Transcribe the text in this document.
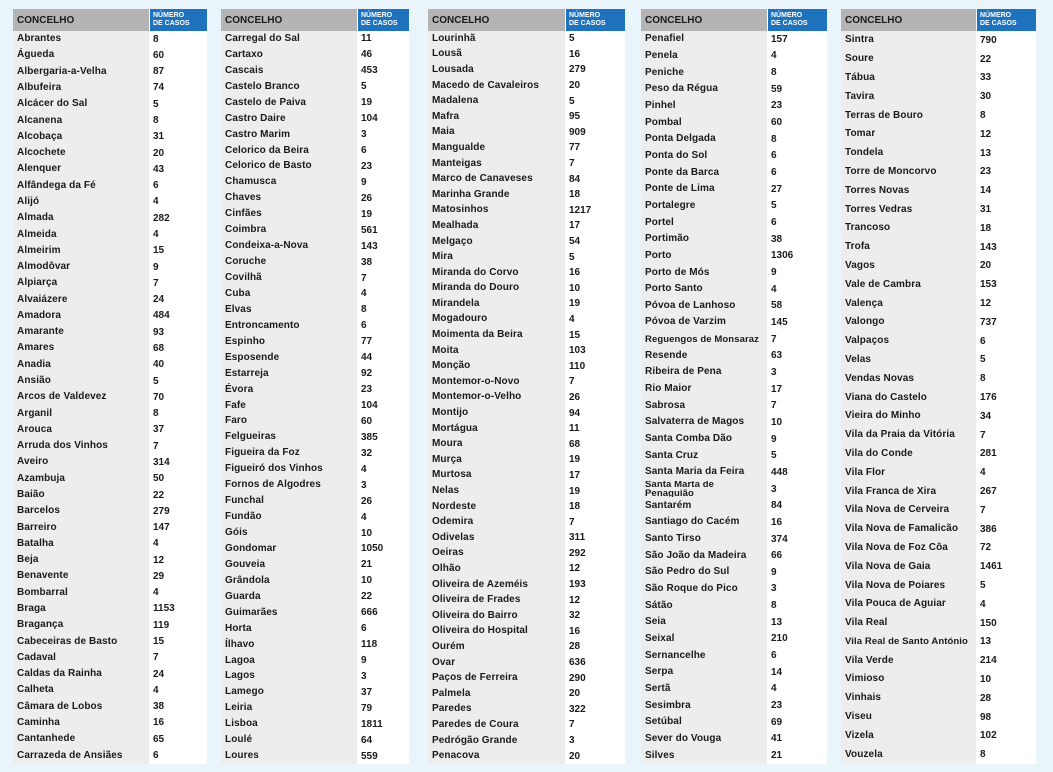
CONCELHO	NÚMERO
DE CASOS
Abrantes	8
Águeda	60
Albergaria-a-Velha	87
Albufeira	74
Alcácer do Sal	5
Alcanena	8
Alcobaça	31
Alcochete	20
Alenquer	43
Alfândega da Fé	6
Alijó	4
Almada	282
Almeida	4
Almeirim	15
Almodôvar	9
Alpiarça	7
Alvaiázere	24
Amadora	484
Amarante	93
Amares	68
Anadia	40
Ansião	5
Arcos de Valdevez	70
Arganil	8
Arouca	37
Arruda dos Vinhos	7
Aveiro	314
Azambuja	50
Baião	22
Barcelos	279
Barreiro	147
Batalha	4
Beja	12
Benavente	29
Bombarral	4
Braga	1153
Bragança	119
Cabeceiras de Basto	15
Cadaval	7
Caldas da Rainha	24
Calheta	4
Câmara de Lobos	38
Caminha	16
Cantanhede	65
Carrazeda de Ansiães	6
CONCELHO	NÚMERO
DE CASOS
Carregal do Sal	11
Cartaxo	46
Cascais	453
Castelo Branco	5
Castelo de Paiva	19
Castro Daire	104
Castro Marim	3
Celorico da Beira	6
Celorico de Basto	23
Chamusca	9
Chaves	26
Cinfães	19
Coimbra	561
Condeixa-a-Nova	143
Coruche	38
Covilhã	7
Cuba	4
Elvas	8
Entroncamento	6
Espinho	77
Esposende	44
Estarreja	92
Évora	23
Fafe	104
Faro	60
Felgueiras	385
Figueira da Foz	32
Figueiró dos Vinhos	4
Fornos de Algodres	3
Funchal	26
Fundão	4
Góis	10
Gondomar	1050
Gouveia	21
Grândola	10
Guarda	22
Guimarães	666
Horta	6
Ílhavo	118
Lagoa	9
Lagos	3
Lamego	37
Leiria	79
Lisboa	1811
Loulé	64
Loures	559
CONCELHO	NÚMERO
DE CASOS
Lourinhã	5
Lousã	16
Lousada	279
Macedo de Cavaleiros	20
Madalena	5
Mafra	95
Maia	909
Mangualde	77
Manteigas	7
Marco de Canaveses	84
Marinha Grande	18
Matosinhos	1217
Mealhada	17
Melgaço	54
Mira	5
Miranda do Corvo	16
Miranda do Douro	10
Mirandela	19
Mogadouro	4
Moimenta da Beira	15
Moita	103
Monção	110
Montemor-o-Novo	7
Montemor-o-Velho	26
Montijo	94
Mortágua	11
Moura	68
Murça	19
Murtosa	17
Nelas	19
Nordeste	18
Odemira	7
Odivelas	311
Oeiras	292
Olhão	12
Oliveira de Azeméis	193
Oliveira de Frades	12
Oliveira do Bairro	32
Oliveira do Hospital	16
Ourém	28
Ovar	636
Paços de Ferreira	290
Palmela	20
Paredes	322
Paredes de Coura	7
Pedrógão Grande	3
Penacova	20
CONCELHO	NÚMERO
DE CASOS
Penafiel	157
Penela	4
Peniche	8
Peso da Régua	59
Pinhel	23
Pombal	60
Ponta Delgada	8
Ponta do Sol	6
Ponte da Barca	6
Ponte de Lima	27
Portalegre	5
Portel	6
Portimão	38
Porto	1306
Porto de Mós	9
Porto Santo	4
Póvoa de Lanhoso	58
Póvoa de Varzim	145
Reguengos de Monsaraz	7
Resende	63
Ribeira de Pena	3
Rio Maior	17
Sabrosa	7
Salvaterra de Magos	10
Santa Comba Dão	9
Santa Cruz	5
Santa Maria da Feira	448
Santa Marta de Penaguião	3
Santarém	84
Santiago do Cacém	16
Santo Tirso	374
São João da Madeira	66
São Pedro do Sul	9
São Roque do Pico	3
Sátão	8
Seia	13
Seixal	210
Sernancelhe	6
Serpa	14
Sertã	4
Sesimbra	23
Setúbal	69
Sever do Vouga	41
Silves	21
CONCELHO	NÚMERO
DE CASOS
Sintra	790
Soure	22
Tábua	33
Tavira	30
Terras de Bouro	8
Tomar	12
Tondela	13
Torre de Moncorvo	23
Torres Novas	14
Torres Vedras	31
Trancoso	18
Trofa	143
Vagos	20
Vale de Cambra	153
Valença	12
Valongo	737
Valpaços	6
Velas	5
Vendas Novas	8
Viana do Castelo	176
Vieira do Minho	34
Vila da Praia da Vitória	7
Vila do Conde	281
Vila Flor	4
Vila Franca de Xira	267
Vila Nova de Cerveira	7
Vila Nova de Famalicão	386
Vila Nova de Foz Côa	72
Vila Nova de Gaia	1461
Vila Nova de Poiares	5
Vila Pouca de Aguiar	4
Vila Real	150
Vila Real de Santo António	13
Vila Verde	214
Vimioso	10
Vinhais	28
Viseu	98
Vizela	102
Vouzela	8
